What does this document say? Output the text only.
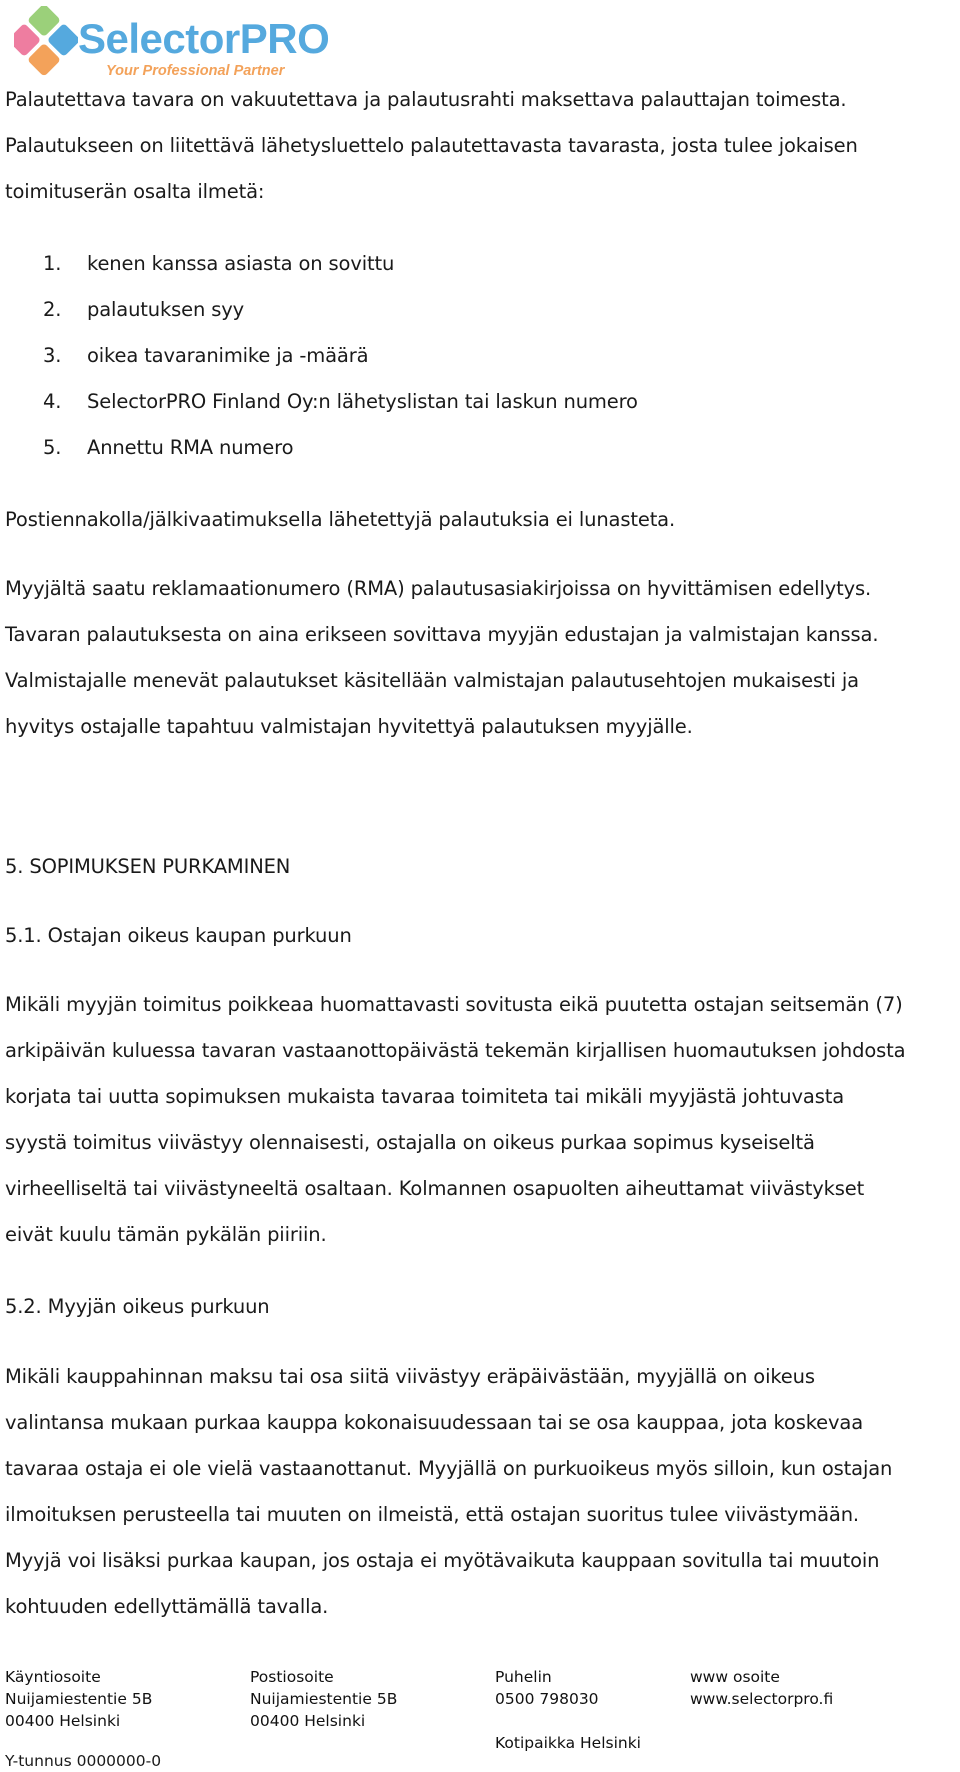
SelectorPRO
Your Professional Partner

Palautettava tavara on vakuutettava ja palautusrahti maksettava palauttajan toimesta.

Palautukseen on liitettävä lähetysluettelo palautettavasta tavarasta, josta tulee jokaisen

toimituserän osalta ilmetä:

1. kenen kanssa asiasta on sovittu
2. palautuksen syy
3. oikea tavaranimike ja -määrä
4. SelectorPRO Finland Oy:n lähetyslistan tai laskun numero
5. Annettu RMA numero

Postiennakolla/jälkivaatimuksella lähetettyjä palautuksia ei lunasteta.

Myyjältä saatu reklamaationumero (RMA) palautusasiakirjoissa on hyvittämisen edellytys.

Tavaran palautuksesta on aina erikseen sovittava myyjän edustajan ja valmistajan kanssa.

Valmistajalle menevät palautukset käsitellään valmistajan palautusehtojen mukaisesti ja

hyvitys ostajalle tapahtuu valmistajan hyvitettyä palautuksen myyjälle.

5. SOPIMUKSEN PURKAMINEN

5.1. Ostajan oikeus kaupan purkuun

Mikäli myyjän toimitus poikkeaa huomattavasti sovitusta eikä puutetta ostajan seitsemän (7)

arkipäivän kuluessa tavaran vastaanottopäivästä tekemän kirjallisen huomautuksen johdosta

korjata tai uutta sopimuksen mukaista tavaraa toimiteta tai mikäli myyjästä johtuvasta

syystä toimitus viivästyy olennaisesti, ostajalla on oikeus purkaa sopimus kyseiseltä

virheelliseltä tai viivästyneeltä osaltaan. Kolmannen osapuolten aiheuttamat viivästykset

eivät kuulu tämän pykälän piiriin.

5.2. Myyjän oikeus purkuun

Mikäli kauppahinnan maksu tai osa siitä viivästyy eräpäivästään, myyjällä on oikeus

valintansa mukaan purkaa kauppa kokonaisuudessaan tai se osa kauppaa, jota koskevaa

tavaraa ostaja ei ole vielä vastaanottanut. Myyjällä on purkuoikeus myös silloin, kun ostajan

ilmoituksen perusteella tai muuten on ilmeistä, että ostajan suoritus tulee viivästymään.

Myyjä voi lisäksi purkaa kaupan, jos ostaja ei myötävaikuta kauppaan sovitulla tai muutoin

kohtuuden edellyttämällä tavalla.

Käyntiosoite
Nuijamiestentie 5B
00400 Helsinki
Postiosoite
Nuijamiestentie 5B
00400 Helsinki
Puhelin
0500 798030

Kotipaikka Helsinki
www osoite
www.selectorpro.fi
Y-tunnus 0000000-0
